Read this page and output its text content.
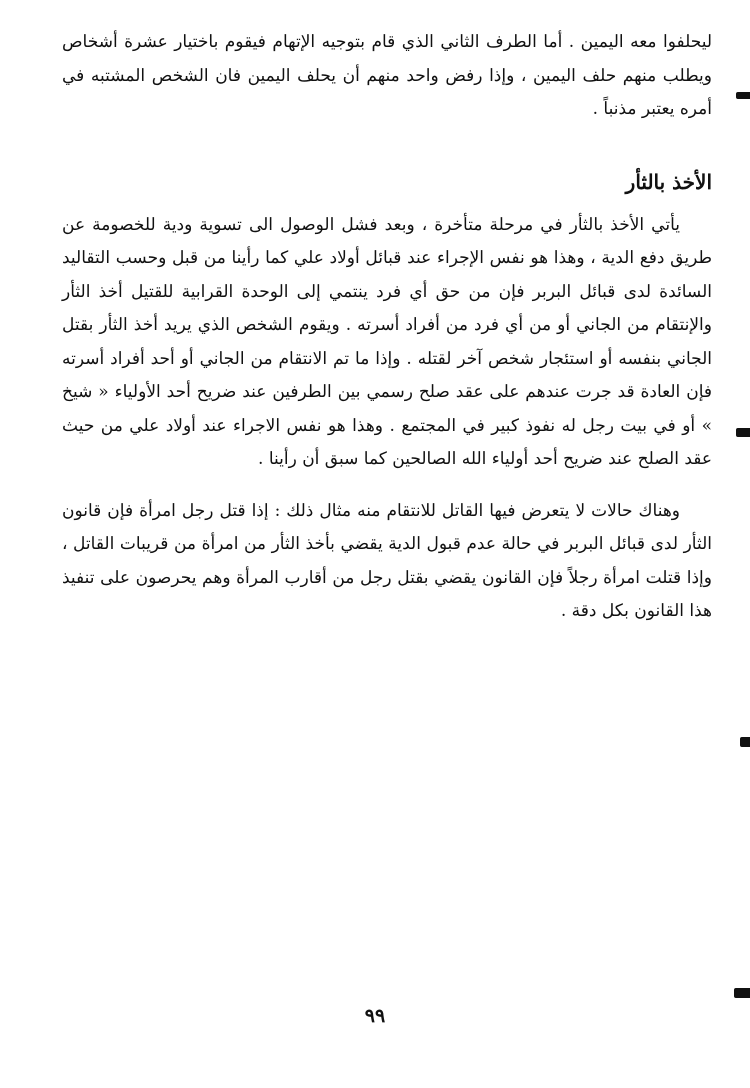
ليحلفوا معه اليمين . أما الطرف الثاني الذي قام بتوجيه الإتهام فيقوم باختيار عشرة أشخاص ويطلب منهم حلف اليمين ، وإذا رفض واحد منهم أن يحلف اليمين فان الشخص المشتبه في أمره يعتبر مذنباً .

الأخذ بالثأر

يأتي الأخذ بالثأر في مرحلة متأخرة ، وبعد فشل الوصول الى تسوية ودية للخصومة عن طريق دفع الدية ، وهذا هو نفس الإجراء عند قبائل أولاد علي كما رأينا من قبل وحسب التقاليد السائدة لدى قبائل البربر فإن من حق أي فرد ينتمي إلى الوحدة القرابية للقتيل أخذ الثأر والإنتقام من الجاني أو من أي فرد من أفراد أسرته . ويقوم الشخص الذي يريد أخذ الثأر بقتل الجاني بنفسه أو استئجار شخص آخر لقتله . وإذا ما تم الانتقام من الجاني أو أحد أفراد أسرته فإن العادة قد جرت عندهم على عقد صلح رسمي بين الطرفين عند ضريح أحد الأولياء « شيخ » أو في بيت رجل له نفوذ كبير في المجتمع . وهذا هو نفس الاجراء عند أولاد علي من حيث عقد الصلح عند ضريح أحد أولياء الله الصالحين كما سبق أن رأينا .

وهناك حالات لا يتعرض فيها القاتل للانتقام منه مثال ذلك : إذا قتل رجل امرأة فإن قانون الثأر لدى قبائل البربر في حالة عدم قبول الدية يقضي بأخذ الثأر من امرأة من قريبات القاتل ، وإذا قتلت امرأة رجلاً فإن القانون يقضي بقتل رجل من أقارب المرأة وهم يحرصون على تنفيذ هذا القانون بكل دقة .

٩٩
